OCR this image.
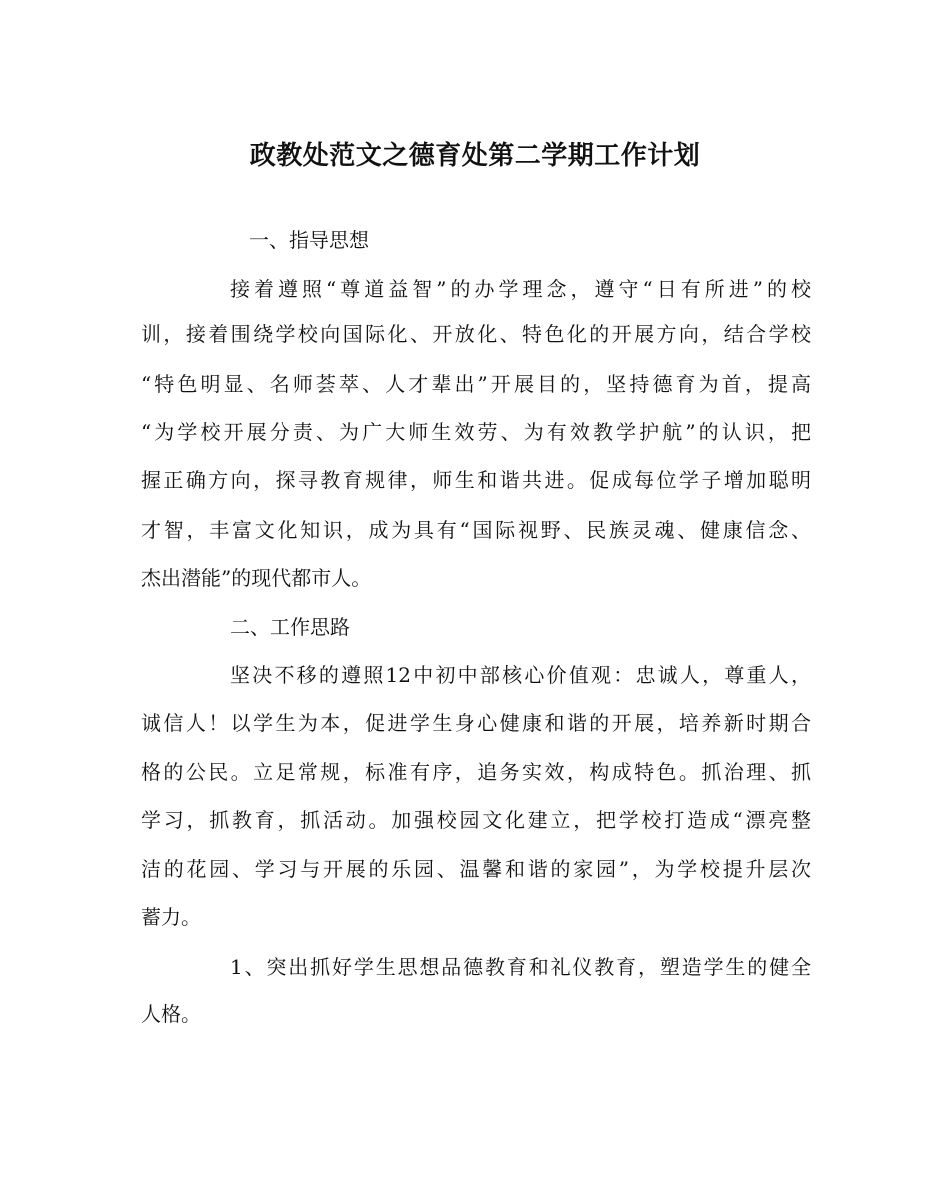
政教处范文之德育处第二学期工作计划

一、指导思想

接着遵照“尊道益智”的办学理念，遵守“日有所进”的校

训，接着围绕学校向国际化、开放化、特色化的开展方向，结合学校

“特色明显、名师荟萃、人才辈出”开展目的，坚持德育为首，提高

“为学校开展分责、为广大师生效劳、为有效教学护航”的认识，把

握正确方向，探寻教育规律，师生和谐共进。促成每位学子增加聪明

才智，丰富文化知识，成为具有“国际视野、民族灵魂、健康信念、

杰出潜能”的现代都市人。

二、工作思路

坚决不移的遵照12中初中部核心价值观：忠诚人，尊重人，

诚信人！以学生为本，促进学生身心健康和谐的开展，培养新时期合

格的公民。立足常规，标准有序，追务实效，构成特色。抓治理、抓

学习，抓教育，抓活动。加强校园文化建立，把学校打造成“漂亮整

洁的花园、学习与开展的乐园、温馨和谐的家园”，为学校提升层次

蓄力。

1、突出抓好学生思想品德教育和礼仪教育，塑造学生的健全

人格。
